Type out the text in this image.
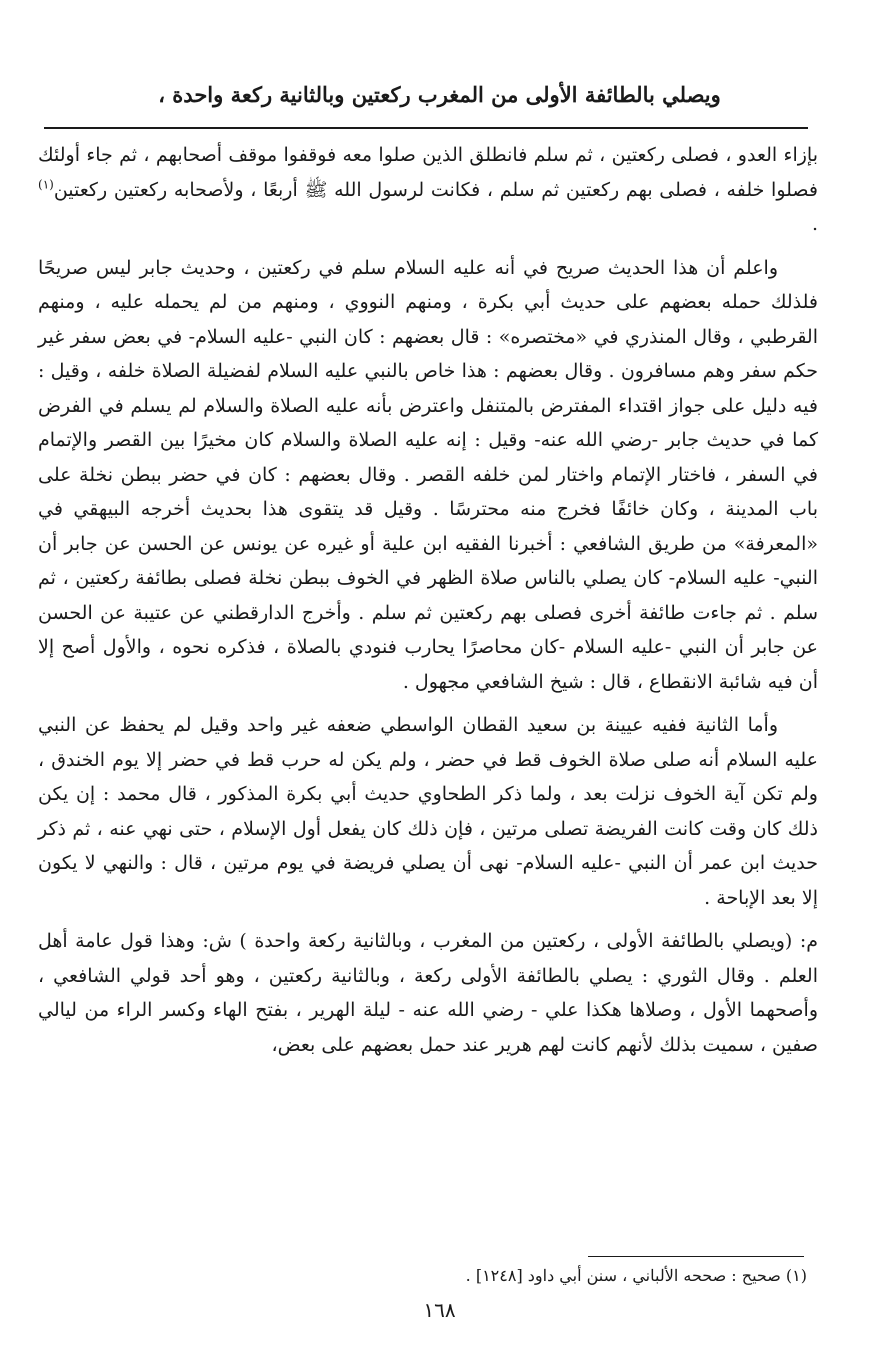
ويصلي بالطائفة الأولى من المغرب ركعتين وبالثانية ركعة واحدة ،

بإزاء العدو ، فصلى ركعتين ، ثم سلم فانطلق الذين صلوا معه فوقفوا موقف أصحابهم ، ثم جاء أولئك فصلوا خلفه ، فصلى بهم ركعتين ثم سلم ، فكانت لرسول الله ﷺ أربعًا ، ولأصحابه ركعتين ركعتين$^{(١)}$ .

واعلم أن هذا الحديث صريح في أنه عليه السلام سلم في ركعتين ، وحديث جابر ليس صريحًا فلذلك حمله بعضهم على حديث أبي بكرة ، ومنهم النووي ، ومنهم من لم يحمله عليه ، ومنهم القرطبي ، وقال المنذري في «مختصره» : قال بعضهم : كان النبي -عليه السلام- في بعض سفر غير حكم سفر وهم مسافرون . وقال بعضهم : هذا خاص بالنبي عليه السلام لفضيلة الصلاة خلفه ، وقيل : فيه دليل على جواز اقتداء المفترض بالمتنفل واعترض بأنه عليه الصلاة والسلام لم يسلم في الفرض كما في حديث جابر -رضي الله عنه- وقيل : إنه عليه الصلاة والسلام كان مخيرًا بين القصر والإتمام في السفر ، فاختار الإتمام واختار لمن خلفه القصر . وقال بعضهم : كان في حضر ببطن نخلة على باب المدينة ، وكان خائفًا فخرج منه محترسًا . وقيل قد يتقوى هذا بحديث أخرجه البيهقي في «المعرفة» من طريق الشافعي : أخبرنا الفقيه ابن علية أو غيره عن يونس عن الحسن عن جابر أن النبي- عليه السلام- كان يصلي بالناس صلاة الظهر في الخوف ببطن نخلة فصلى بطائفة ركعتين ، ثم سلم . ثم جاءت طائفة أخرى فصلى بهم ركعتين ثم سلم . وأخرج الدارقطني عن عتيبة عن الحسن عن جابر أن النبي -عليه السلام -كان محاصرًا يحارب فنودي بالصلاة ، فذكره نحوه ، والأول أصح إلا أن فيه شائبة الانقطاع ، قال : شيخ الشافعي مجهول .

وأما الثانية ففيه عيينة بن سعيد القطان الواسطي ضعفه غير واحد وقيل لم يحفظ عن النبي عليه السلام أنه صلى صلاة الخوف قط في حضر ، ولم يكن له حرب قط في حضر إلا يوم الخندق ، ولم تكن آية الخوف نزلت بعد ، ولما ذكر الطحاوي حديث أبي بكرة المذكور ، قال محمد : إن يكن ذلك كان وقت كانت الفريضة تصلى مرتين ، فإن ذلك كان يفعل أول الإسلام ، حتى نهي عنه ، ثم ذكر حديث ابن عمر أن النبي -عليه السلام- نهى أن يصلي فريضة في يوم مرتين ، قال : والنهي لا يكون إلا بعد الإباحة .

م: (ويصلي بالطائفة الأولى ، ركعتين من المغرب ، وبالثانية ركعة واحدة ) ش: وهذا قول عامة أهل العلم . وقال الثوري : يصلي بالطائفة الأولى ركعة ، وبالثانية ركعتين ، وهو أحد قولي الشافعي ، وأصحهما الأول ، وصلاها هكذا علي - رضي الله عنه - ليلة الهرير ، بفتح الهاء وكسر الراء من ليالي صفين ، سميت بذلك لأنهم كانت لهم هرير عند حمل بعضهم على بعض،

(١) صحيح : صححه الألباني ، سنن أبي داود [١٢٤٨] .
١٦٨
